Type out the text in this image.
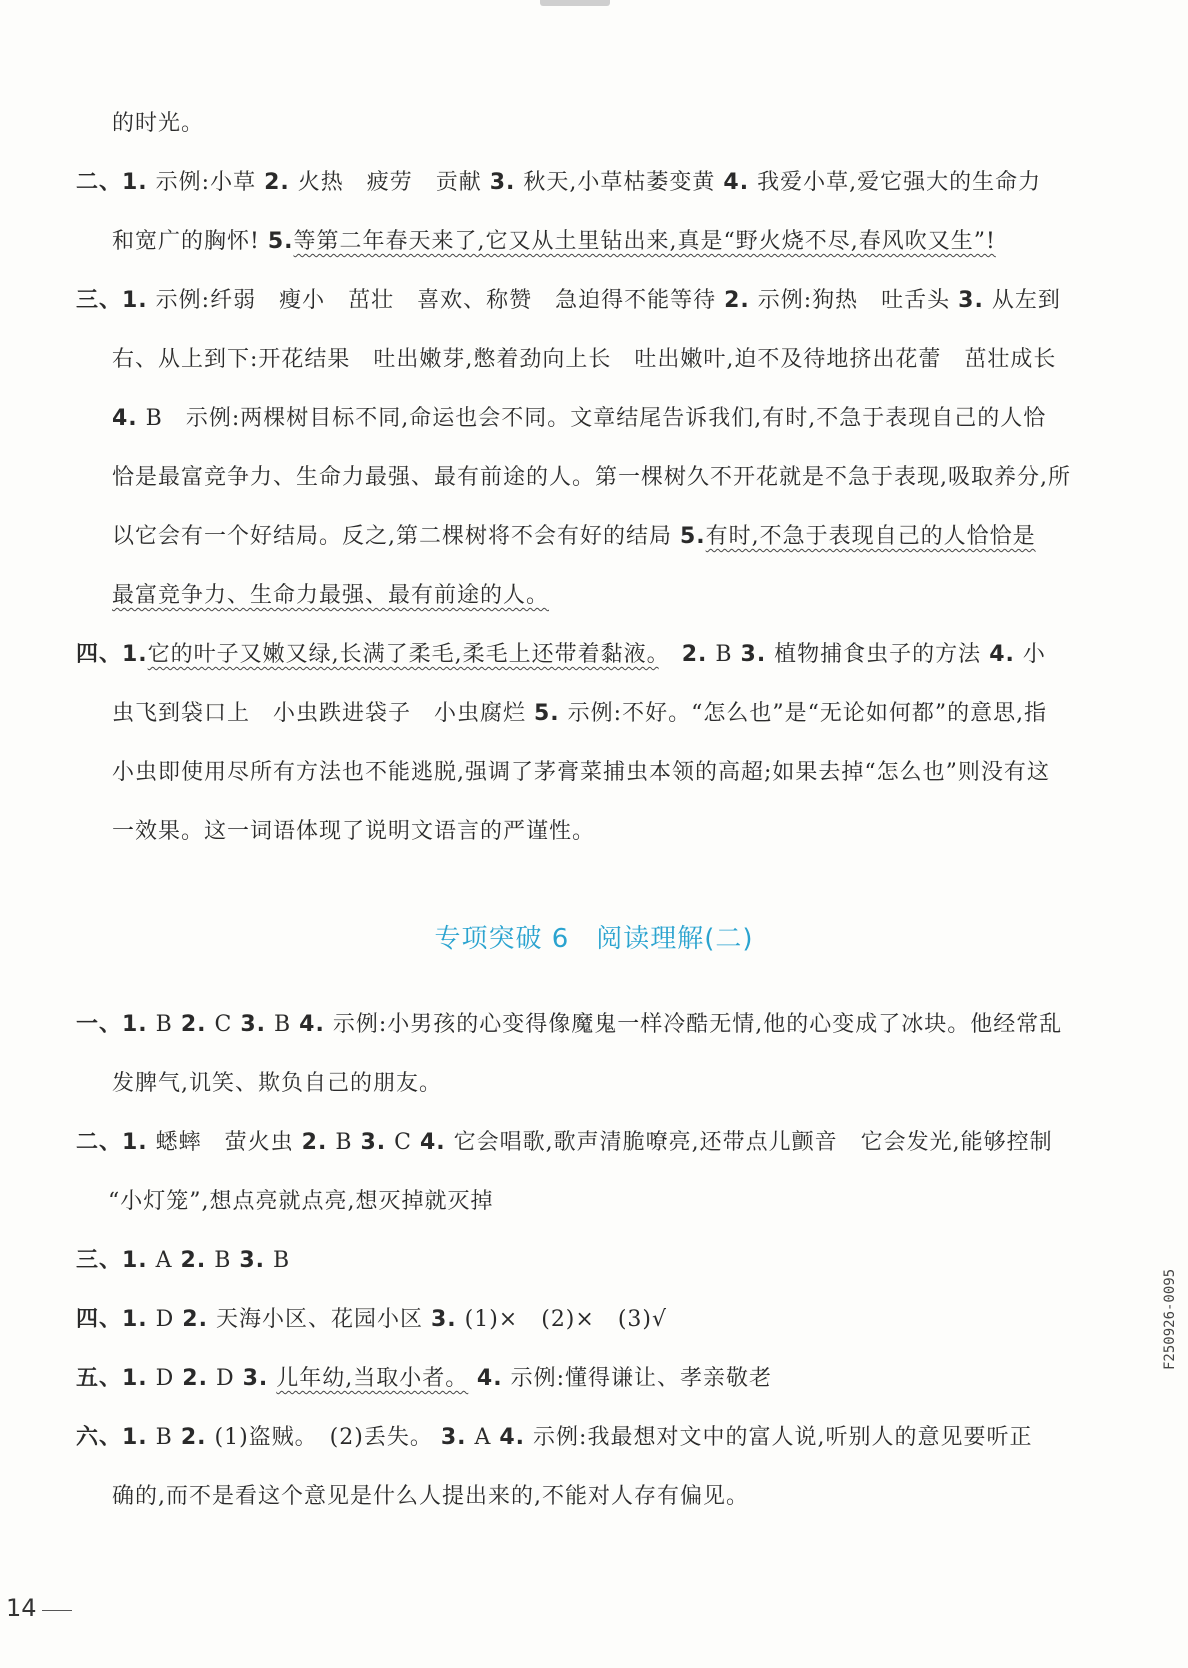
的时光。
二、1. 示例:小草 2. 火热　疲劳　贡献 3. 秋天,小草枯萎变黄 4. 我爱小草,爱它强大的生命力
和宽广的胸怀! 5.等第二年春天来了,它又从土里钻出来,真是“野火烧不尽,春风吹又生”!
三、1. 示例:纤弱　瘦小　茁壮　喜欢、称赞　急迫得不能等待 2. 示例:狗热　吐舌头 3. 从左到
右、从上到下:开花结果　吐出嫩芽,憋着劲向上长　吐出嫩叶,迫不及待地挤出花蕾　茁壮成长
4. B　示例:两棵树目标不同,命运也会不同。文章结尾告诉我们,有时,不急于表现自己的人恰
恰是最富竞争力、生命力最强、最有前途的人。第一棵树久不开花就是不急于表现,吸取养分,所
以它会有一个好结局。反之,第二棵树将不会有好的结局 5.有时,不急于表现自己的人恰恰是
最富竞争力、生命力最强、最有前途的人。
四、1.它的叶子又嫩又绿,长满了柔毛,柔毛上还带着黏液。　 2. B 3. 植物捕食虫子的方法 4. 小
虫飞到袋口上　小虫跌进袋子　小虫腐烂 5. 示例:不好。“怎么也”是“无论如何都”的意思,指
小虫即使用尽所有方法也不能逃脱,强调了茅膏菜捕虫本领的高超;如果去掉“怎么也”则没有这
一效果。这一词语体现了说明文语言的严谨性。
专项突破 6　阅读理解(二)
一、1. B 2. C 3. B 4. 示例:小男孩的心变得像魔鬼一样冷酷无情,他的心变成了冰块。他经常乱
发脾气,讥笑、欺负自己的朋友。
二、1. 蟋蟀　萤火虫 2. B 3. C 4. 它会唱歌,歌声清脆嘹亮,还带点儿颤音　它会发光,能够控制
“小灯笼”,想点亮就点亮,想灭掉就灭掉
三、1. A 2. B 3. B
四、1. D 2. 天海小区、花园小区 3. (1)×　(2)×　(3)√
五、1. D 2. D 3. 儿年幼,当取小者。 4. 示例:懂得谦让、孝亲敬老
六、1. B 2. (1)盗贼。　(2)丢失。 3. A 4. 示例:我最想对文中的富人说,听别人的意见要听正
确的,而不是看这个意见是什么人提出来的,不能对人存有偏见。
14
F250926-0095
